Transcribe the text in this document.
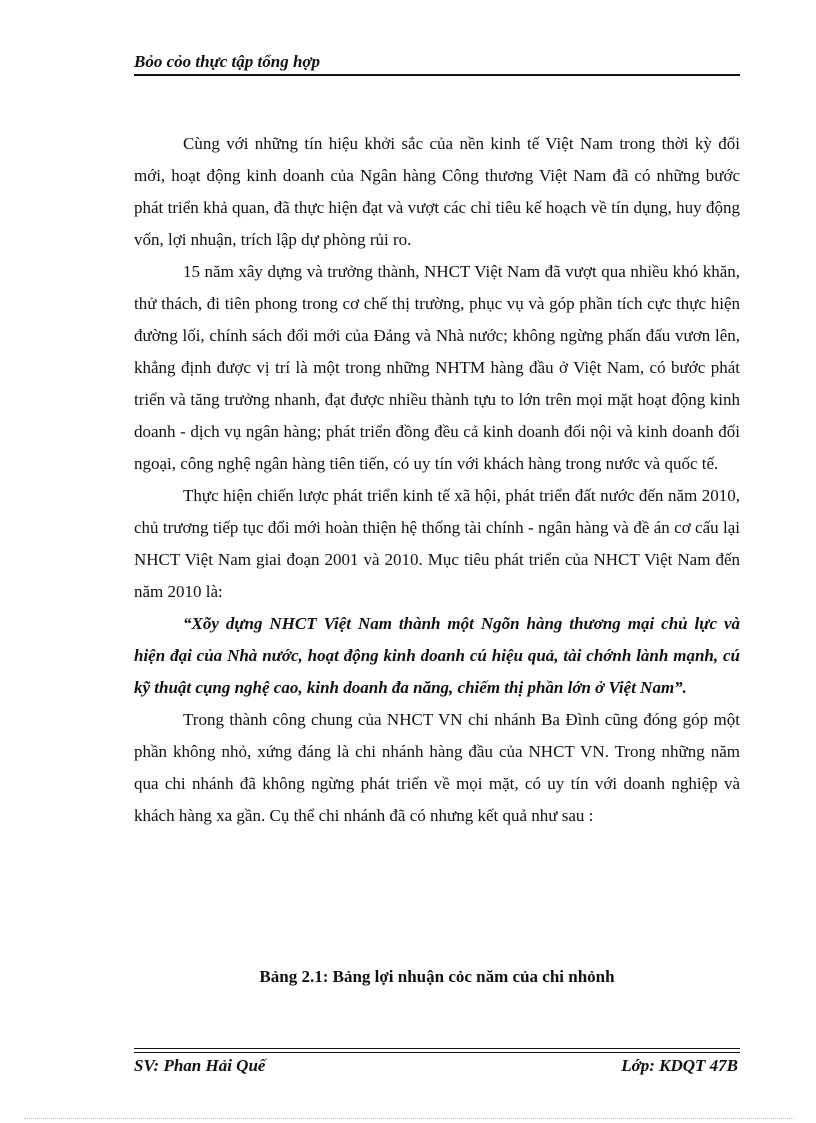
Bỏo cỏo thực tập tổng hợp

Cùng với những tín hiệu khởi sắc của nền kinh tế Việt Nam trong thời kỳ đổi mới, hoạt động kinh doanh của Ngân hàng Công thương Việt Nam đã có những bước phát triển khả quan, đã thực hiện đạt và vượt các chỉ tiêu kế hoạch về tín dụng, huy động vốn, lợi nhuận, trích lập dự phòng rủi ro.

15 năm xây dựng và trưởng thành, NHCT Việt Nam đã vượt qua nhiều khó khăn, thử thách, đi tiên phong trong cơ chế thị trường, phục vụ và góp phần tích cực thực hiện đường lối, chính sách đổi mới của Đảng và Nhà nước; không ngừng phấn đấu vươn lên, khẳng định được vị trí là một trong những NHTM hàng đầu ở Việt Nam, có bước phát triển và tăng trưởng nhanh, đạt được nhiều thành tựu to lớn trên mọi mặt hoạt động kinh doanh - dịch vụ ngân hàng; phát triển đồng đều cả kinh doanh đối nội và kinh doanh đối ngoại, công nghệ ngân hàng tiên tiến, có uy tín với khách hàng trong nước và quốc tế.

Thực hiện chiến lược phát triển kinh tế xã hội, phát triển đất nước đến năm 2010, chủ trương tiếp tục đổi mới hoàn thiện hệ thống tài chính - ngân hàng và đề án cơ cấu lại NHCT Việt Nam giai đoạn 2001 và 2010. Mục tiêu phát triển của NHCT Việt Nam đến năm 2010 là:

“Xõy dựng NHCT Việt Nam thành một Ngõn hàng thương mại chủ lực và hiện đại của Nhà nước, hoạt động kinh doanh cú hiệu quả, tài chớnh lành mạnh, cú kỹ thuật cụng nghệ cao, kinh doanh đa năng, chiếm thị phần lớn ở Việt Nam”.

Trong thành công chung của NHCT VN chi nhánh Ba Đình cũng đóng góp một phần không nhỏ, xứng đáng là chi nhánh hàng đầu của NHCT VN. Trong những năm qua chi nhánh đã không ngừng phát triển về mọi mặt, có uy tín với doanh nghiệp và khách hàng xa gần. Cụ thể chi nhánh đã có nhưng kết quả như sau :

Bảng 2.1: Bảng lợi nhuận cỏc năm của chi nhỏnh
SV: Phan Hải Quế	Lớp: KDQT 47B
